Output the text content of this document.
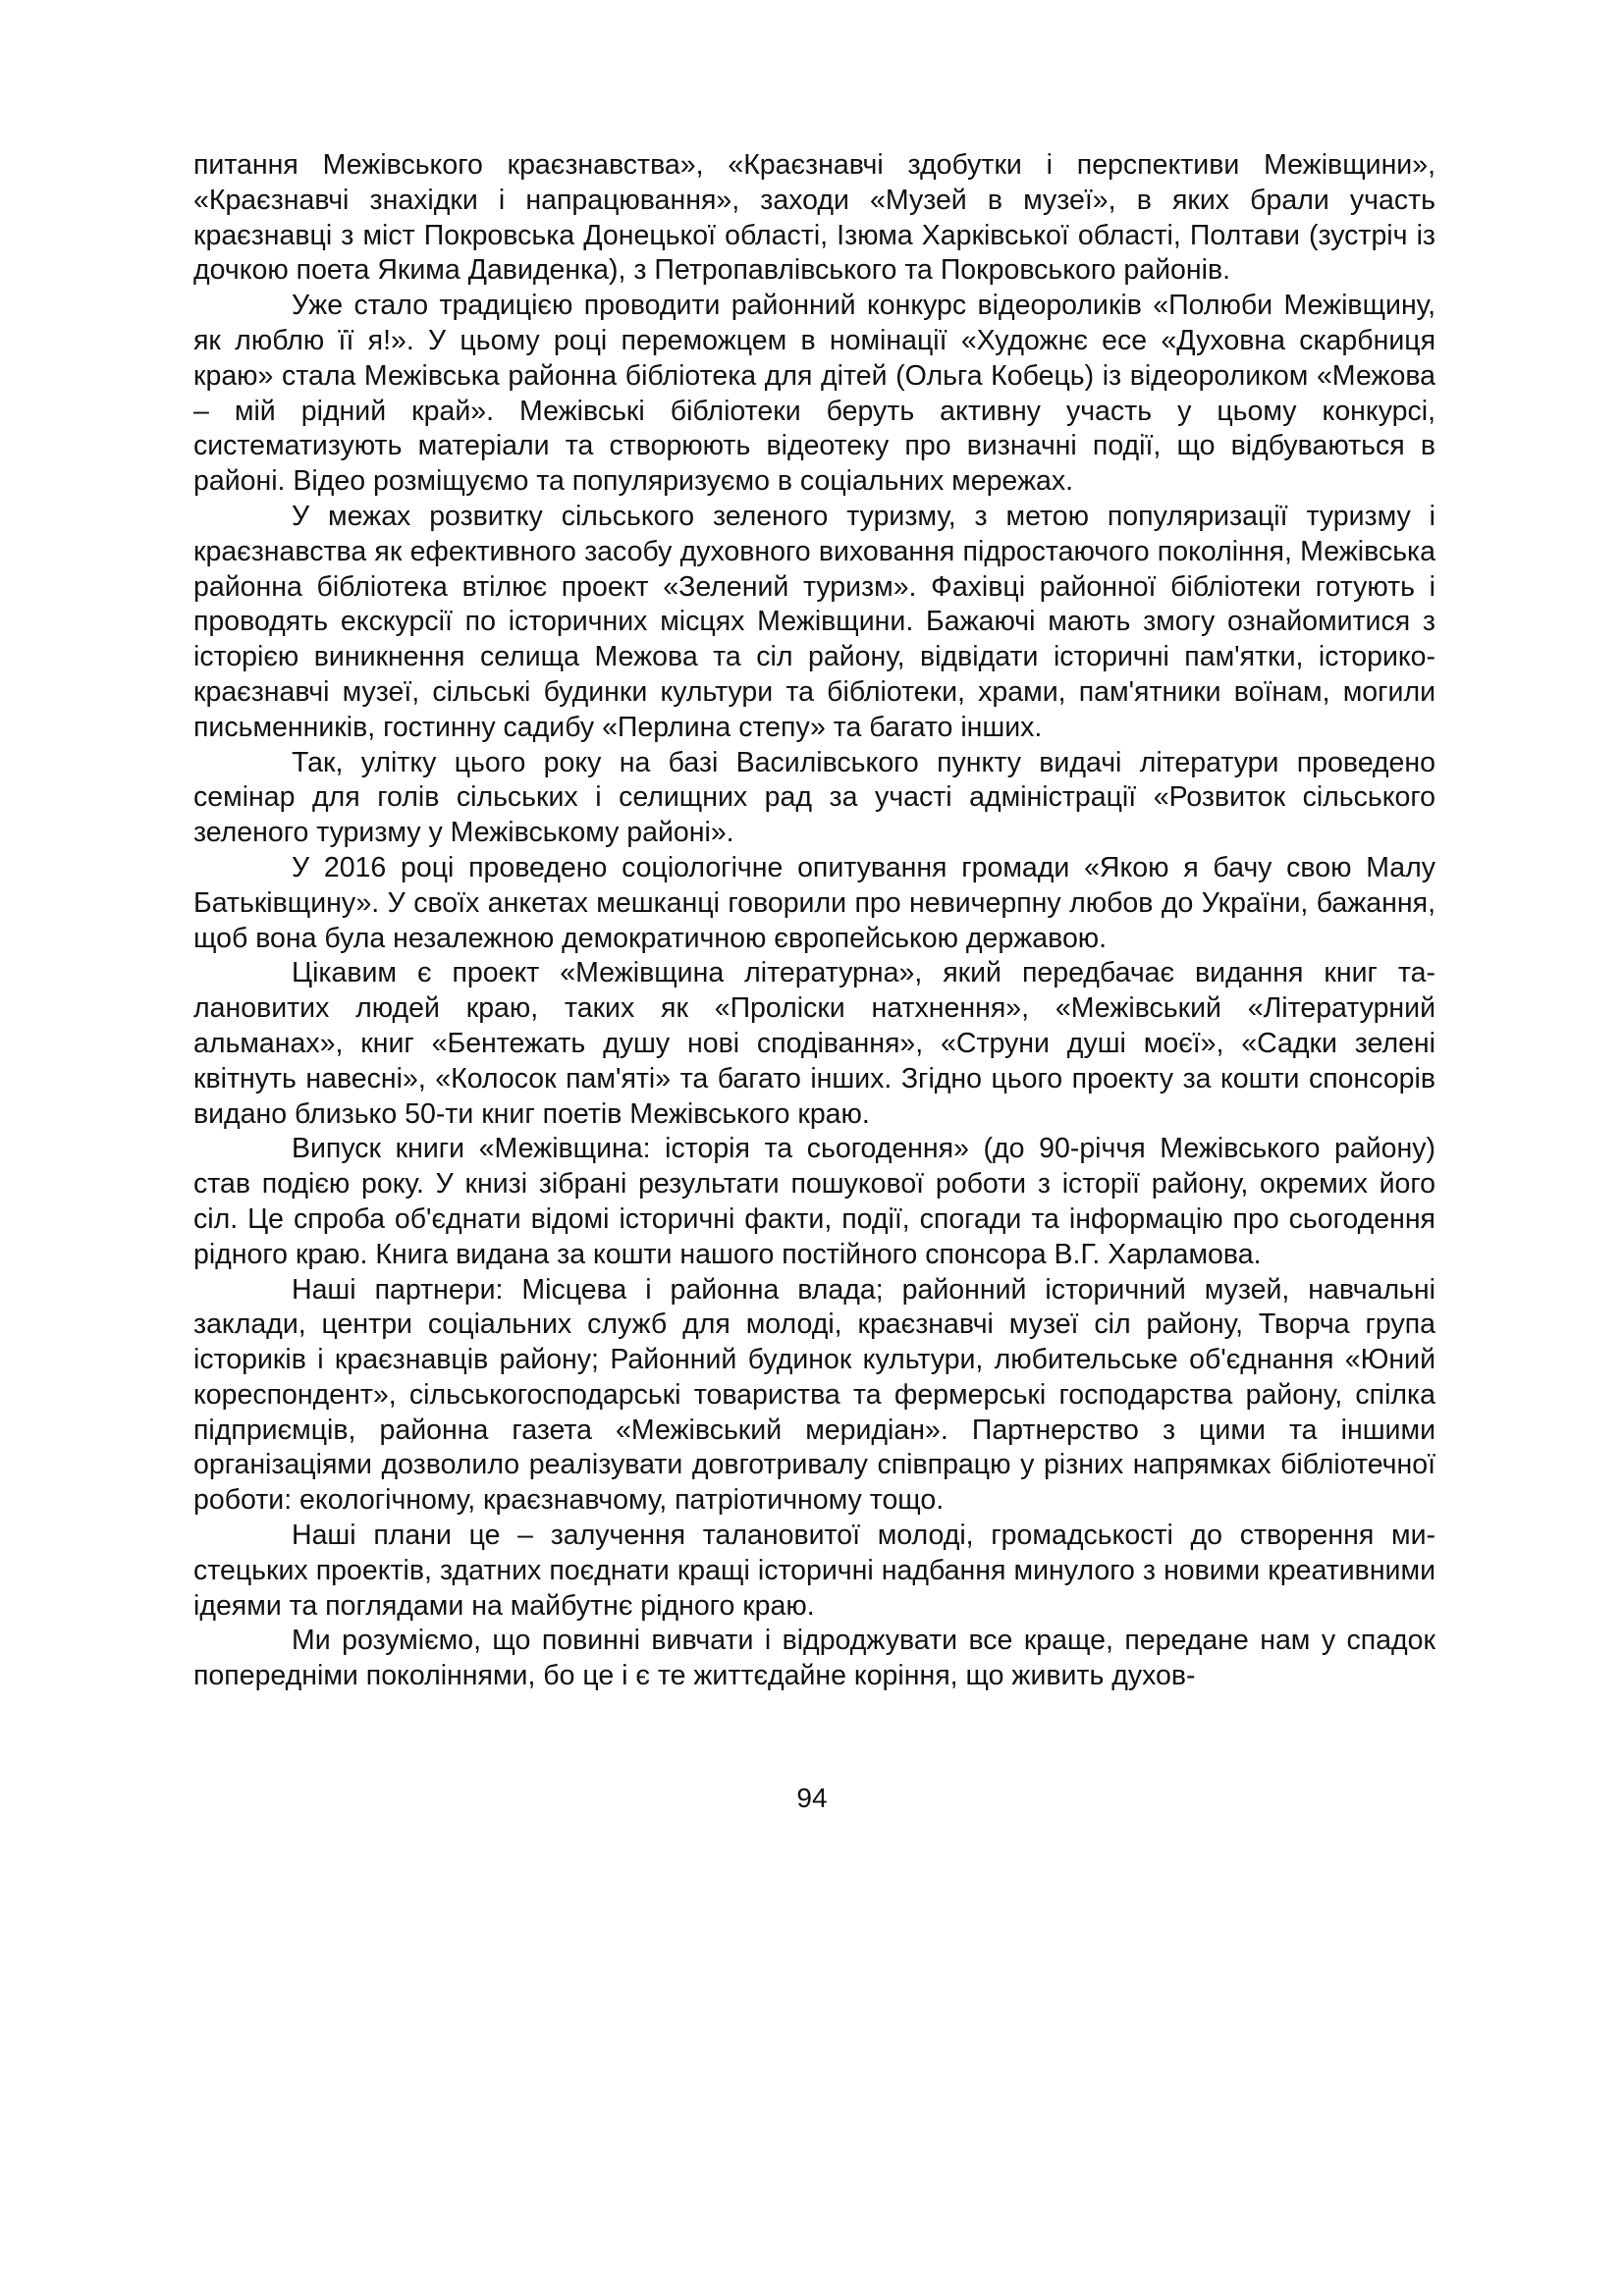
питання Межівського краєзнавства», «Краєзнавчі здобутки і перспективи Межівщини», «Краєзнавчі знахідки і напрацювання», заходи «Музей в музеї», в яких брали участь краєзнавці з міст Покровська Донецької області, Ізюма Харківської області, Полтави (зустріч із дочкою поета Якима Давиденка), з Петропавлівського та Покровського районів.

Уже стало традицією проводити районний конкурс відеороликів «Полюби Межівщину, як люблю її я!». У цьому році переможцем в номінації «Художнє есе «Духовна скарбниця краю» стала Межівська районна бібліотека для дітей (Ольга Кобець) із відеороликом «Межова – мій рідний край». Межівські бібліотеки беруть активну участь у цьому конкурсі, систематизують матеріали та створюють відеотеку про визначні події, що відбуваються в районі. Відео розміщуємо та популяризуємо в соціальних мережах.

У межах розвитку сільського зеленого туризму, з метою популяризації туризму і краєзнавства як ефективного засобу духовного виховання підростаючого покоління, Межівська районна бібліотека втілює проект «Зелений туризм». Фахівці районної бібліотеки готують і проводять екскурсії по історичних місцях Межівщини. Бажаючі мають змогу ознайомитися з історією виникнення селища Межова та сіл району, відвідати історичні пам'ятки, історико-краєзнавчі музеї, сільські будинки культури та бібліотеки, храми, пам'ятники воїнам, могили письменників, гостинну садибу «Перлина степу» та багато інших.

Так, улітку цього року на базі Василівського пункту видачі літератури проведено семінар для голів сільських і селищних рад за участі адміністрації «Розвиток сільського зеленого туризму у Межівському районі».

У 2016 році проведено соціологічне опитування громади «Якою я бачу свою Малу Батьківщину». У своїх анкетах мешканці говорили про невичерпну любов до України, бажання, щоб вона була незалежною демократичною європейською державою.

Цікавим є проект «Межівщина літературна», який передбачає видання книг талановитих людей краю, таких як «Проліски натхнення», «Межівський «Літературний альманах», книг «Бентежать душу нові сподівання», «Струни душі моєї», «Садки зелені квітнуть навесні», «Колосок пам'яті» та багато інших. Згідно цього проекту за кошти спонсорів видано близько 50-ти книг поетів Межівського краю.

Випуск книги «Межівщина: історія та сьогодення» (до 90-річчя Межівського району) став подією року. У книзі зібрані результати пошукової роботи з історії району, окремих його сіл. Це спроба об'єднати відомі історичні факти, події, спогади та інформацію про сьогодення рідного краю. Книга видана за кошти нашого постійного спонсора В.Г. Харламова.

Наші партнери: Місцева і районна влада; районний історичний музей, навчальні заклади, центри соціальних служб для молоді, краєзнавчі музеї сіл району, Творча група істориків і краєзнавців району; Районний будинок культури, любительське об'єднання «Юний кореспондент», сільськогосподарські товариства та фермерські господарства району, спілка підприємців, районна газета «Межівський меридіан». Партнерство з цими та іншими організаціями дозволило реалізувати довготривалу співпрацю у різних напрямках бібліотечної роботи: екологічному, краєзнавчому, патріотичному тощо.

Наші плани це – залучення талановитої молоді, громадськості до створення мистецьких проектів, здатних поєднати кращі історичні надбання минулого з новими креативними ідеями та поглядами на майбутнє рідного краю.

Ми розуміємо, що повинні вивчати і відроджувати все краще, передане нам у спадок попередніми поколіннями, бо це і є те життєдайне коріння, що живить духов-

94
